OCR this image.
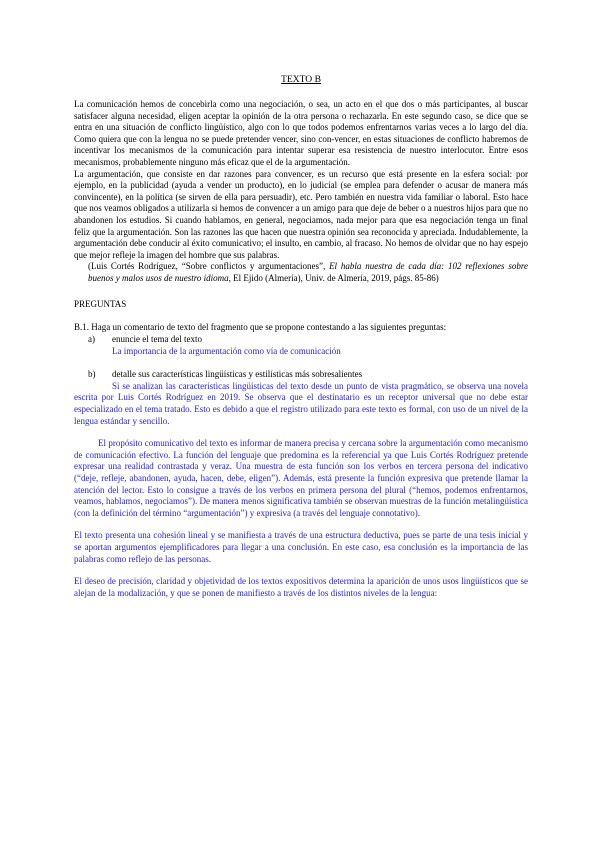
TEXTO B

La comunicación hemos de concebirla como una negociación, o sea, un acto en el que dos o más participantes, al buscar satisfacer alguna necesidad, eligen aceptar la opinión de la otra persona o rechazarla. En este segundo caso, se dice que se entra en una situación de conflicto lingüístico, algo con lo que todos podemos enfrentarnos varias veces a lo largo del día. Como quiera que con la lengua no se puede pretender vencer, sino con-vencer, en estas situaciones de conflicto habremos de incentivar los mecanismos de la comunicación para intentar superar esa resistencia de nuestro interlocutor. Entre esos mecanismos, probablemente ninguno más eficaz que el de la argumentación.

La argumentación, que consiste en dar razones para convencer, es un recurso que está presente en la esfera social: por ejemplo, en la publicidad (ayuda a vender un producto), en lo judicial (se emplea para defender o acusar de manera más convincente), en la política (se sirven de ella para persuadir), etc. Pero también en nuestra vida familiar o laboral. Esto hace que nos veamos obligados a utilizarla si hemos de convencer a un amigo para que deje de beber o a nuestros hijos para que no abandonen los estudios. Si cuando hablamos, en general, negociamos, nada mejor para que esa negociación tenga un final feliz que la argumentación. Son las razones las que hacen que nuestra opinión sea reconocida y apreciada. Indudablemente, la argumentación debe conducir al éxito comunicativo; el insulto, en cambio, al fracaso. No hemos de olvidar que no hay espejo que mejor refleje la imagen del hombre que sus palabras.

(Luis Cortés Rodríguez, “Sobre conflictos y argumentaciones”, El habla nuestra de cada día: 102 reflexiones sobre buenos y malos usos de nuestro idioma, El Ejido (Almería), Univ. de Almería, 2019, págs. 85-86)

PREGUNTAS

B.1. Haga un comentario de texto del fragmento que se propone contestando a las siguientes preguntas:

a)	enuncie el tema del texto

La importancia de la argumentación como vía de comunicación

b)	detalle sus características lingüísticas y estilísticas más sobresalientes

Si se analizan las características lingüísticas del texto desde un punto de vista pragmático, se observa una novela escrita por Luis Cortés Rodríguez en 2019. Se observa que el destinatario es un receptor universal que no debe estar especializado en el tema tratado. Esto es debido a que el registro utilizado para este texto es formal, con uso de un nivel de la lengua estándar y sencillo.

El propósito comunicativo del texto es informar de manera precisa y cercana sobre la argumentación como mecanismo de comunicación efectivo. La función del lenguaje que predomina es la referencial ya que Luis Cortés Rodríguez pretende expresar una realidad contrastada y veraz. Una muestra de esta función son los verbos en tercera persona del indicativo (“deje, refleje, abandonen, ayuda, hacen, debe, eligen”). Además, está presente la función expresiva que pretende llamar la atención del lector. Esto lo consigue a través de los verbos en primera persona del plural (“hemos, podemos enfrentarnos, veamos, hablamos, negociamos”). De manera menos significativa también se observan muestras de la función metalingüística (con la definición del término “argumentación”) y expresiva (a través del lenguaje connotativo).

El texto presenta una cohesión lineal y se manifiesta a través de una estructura deductiva, pues se parte de una tesis inicial y se aportan argumentos ejemplificadores para llegar a una conclusión. En este caso, esa conclusión es la importancia de las palabras como reflejo de las personas.

El deseo de precisión, claridad y objetividad de los textos expositivos determina la aparición de unos usos lingüísticos que se alejan de la modalización, y que se ponen de manifiesto a través de los distintos niveles de la lengua:
